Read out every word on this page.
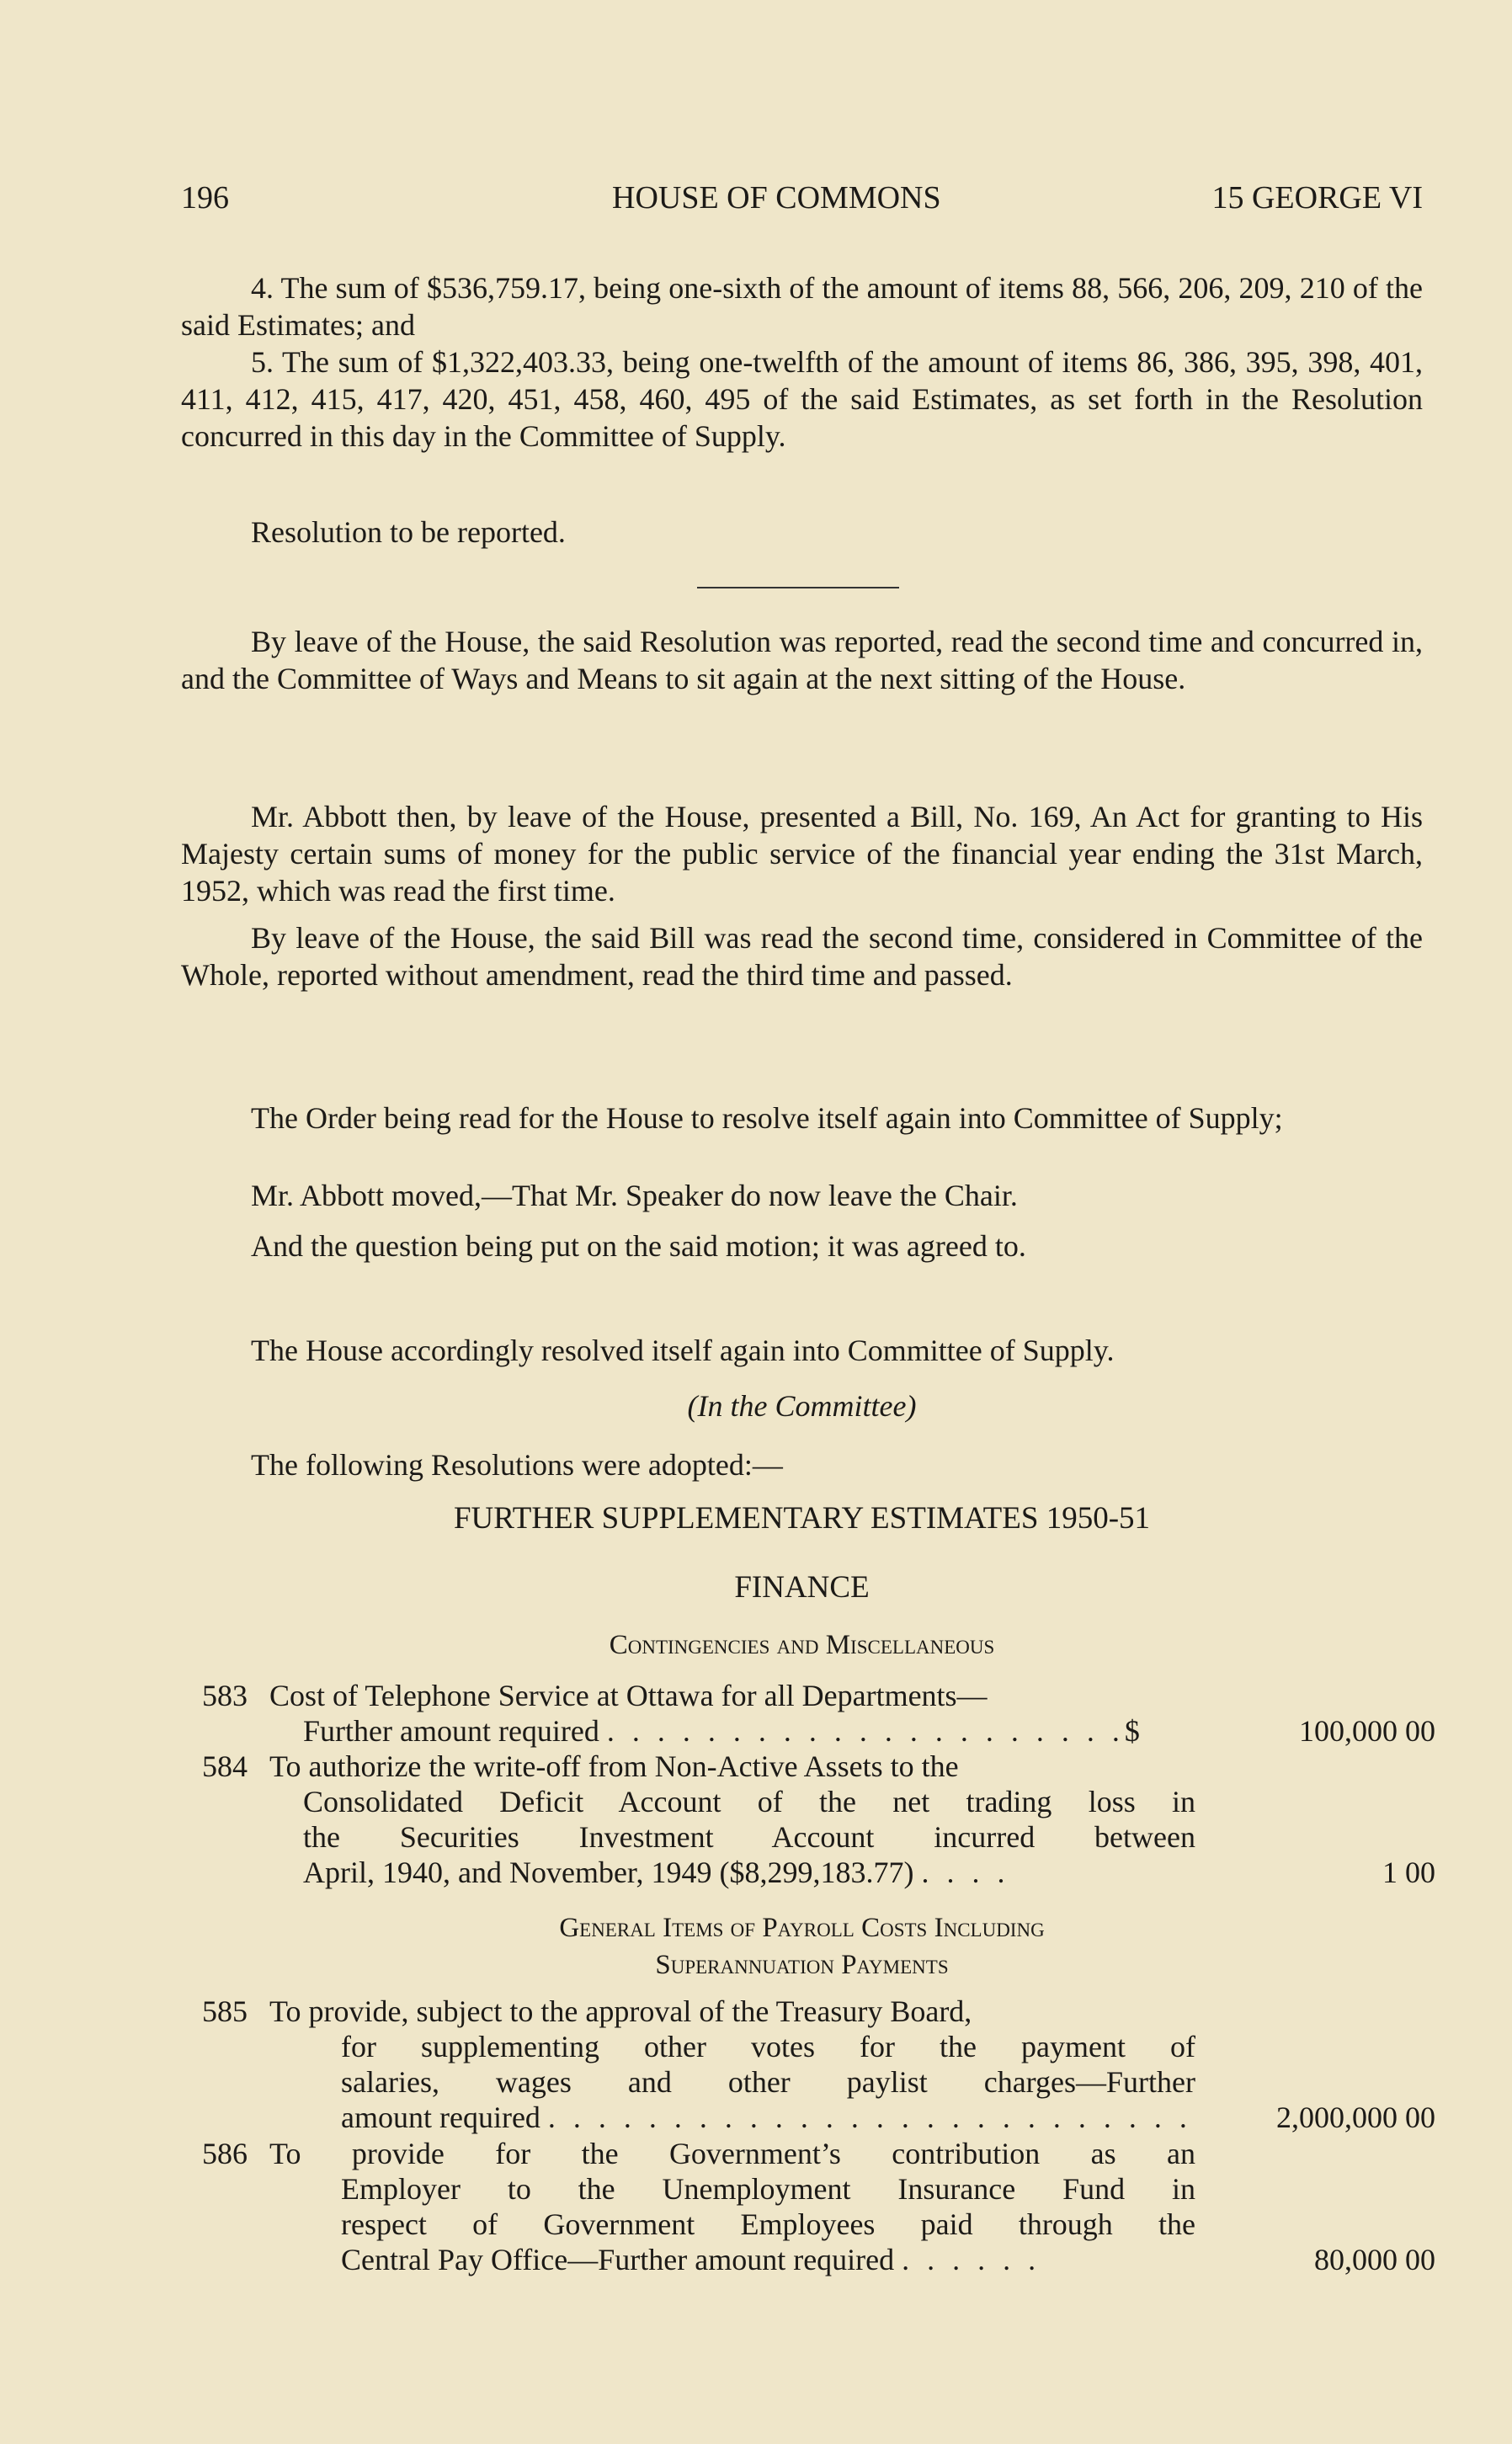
196	HOUSE OF COMMONS	15 GEORGE VI
4. The sum of $536,759.17, being one-sixth of the amount of items 88, 566, 206, 209, 210 of the said Estimates; and
5. The sum of $1,322,403.33, being one-twelfth of the amount of items 86, 386, 395, 398, 401, 411, 412, 415, 417, 420, 451, 458, 460, 495 of the said Estimates, as set forth in the Resolution concurred in this day in the Committee of Supply.
Resolution to be reported.
By leave of the House, the said Resolution was reported, read the second time and concurred in, and the Committee of Ways and Means to sit again at the next sitting of the House.
Mr. Abbott then, by leave of the House, presented a Bill, No. 169, An Act for granting to His Majesty certain sums of money for the public service of the financial year ending the 31st March, 1952, which was read the first time.
By leave of the House, the said Bill was read the second time, considered in Committee of the Whole, reported without amendment, read the third time and passed.
The Order being read for the House to resolve itself again into Committee of Supply;
Mr. Abbott moved,—That Mr. Speaker do now leave the Chair.
And the question being put on the said motion; it was agreed to.
The House accordingly resolved itself again into Committee of Supply.
(In the Committee)
The following Resolutions were adopted:—
FURTHER SUPPLEMENTARY ESTIMATES 1950-51
FINANCE
Contingencies and Miscellaneous
583 Cost of Telephone Service at Ottawa for all Departments—
Further amount required . . . . . . . . . . . . . . . . . . . . .$	100,000 00
584 To authorize the write-off from Non-Active Assets to the
Consolidated Deficit Account of the net trading loss in
the Securities Investment Account incurred between
April, 1940, and November, 1949 ($8,299,183.77) . . . .	1 00
General Items of Payroll Costs Including
Superannuation Payments
585 To provide, subject to the approval of the Treasury Board,
for supplementing other votes for the payment of
salaries, wages and other paylist charges—Further
amount required . . . . . . . . . . . . . . . . . . . . . . . . . .	2,000,000 00
586 To provide for the Government’s contribution as an
Employer to the Unemployment Insurance Fund in
respect of Government Employees paid through the
Central Pay Office—Further amount required . . . . . .	80,000 00
